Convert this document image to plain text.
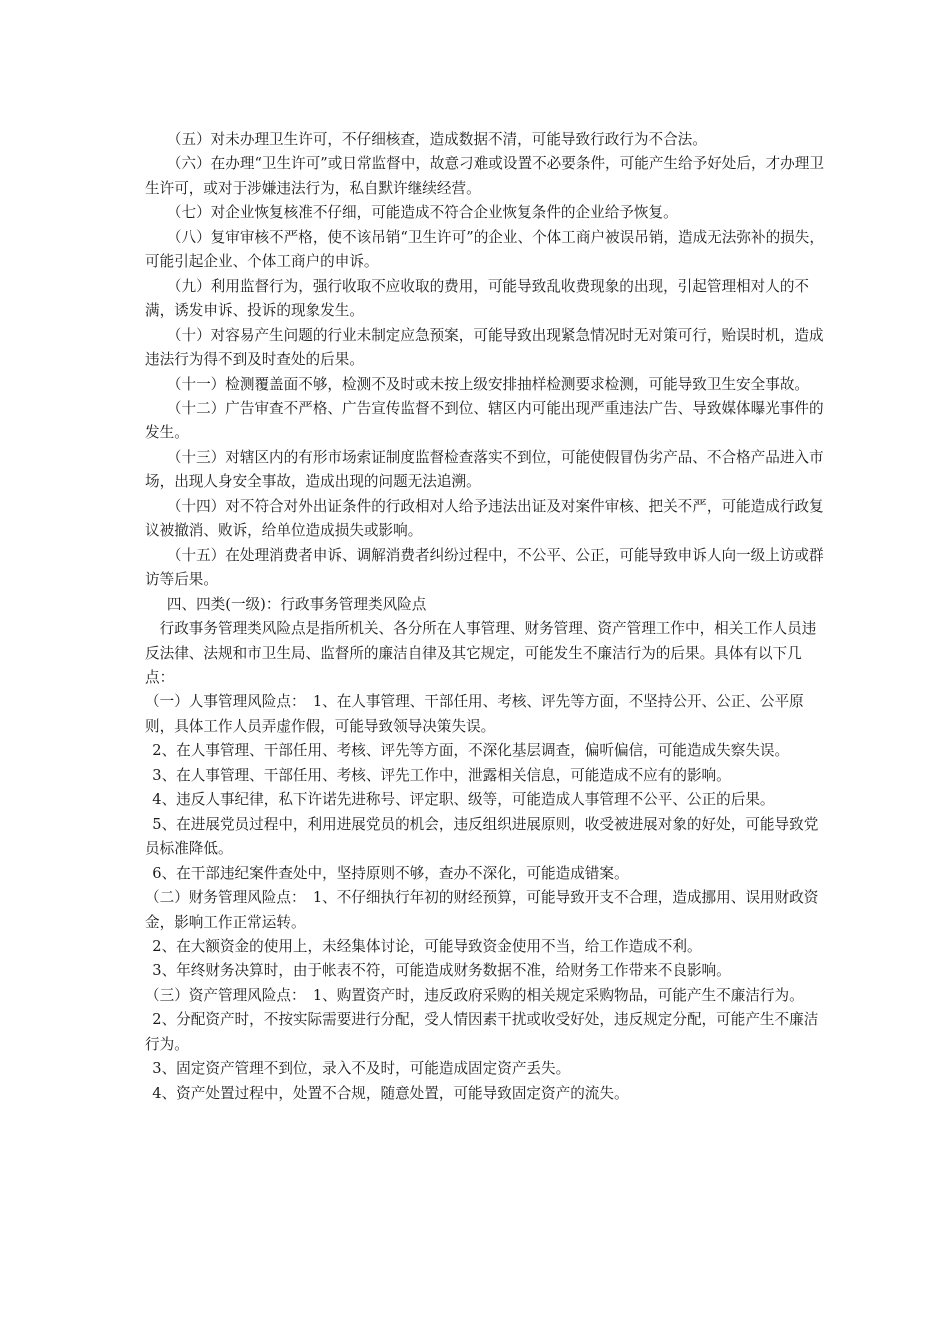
（五）对未办理卫生许可，不仔细核查，造成数据不清，可能导致行政行为不合法。

（六）在办理“卫生许可”或日常监督中，故意刁难或设置不必要条件，可能产生给予好处后，才办理卫生许可，或对于涉嫌违法行为，私自默许继续经营。

（七）对企业恢复核准不仔细，可能造成不符合企业恢复条件的企业给予恢复。

（八）复审审核不严格，使不该吊销“卫生许可”的企业、个体工商户被误吊销，造成无法弥补的损失，可能引起企业、个体工商户的申诉。

（九）利用监督行为，强行收取不应收取的费用，可能导致乱收费现象的出现，引起管理相对人的不满，诱发申诉、投诉的现象发生。

（十）对容易产生问题的行业未制定应急预案，可能导致出现紧急情况时无对策可行，贻误时机，造成违法行为得不到及时查处的后果。

（十一）检测覆盖面不够，检测不及时或未按上级安排抽样检测要求检测，可能导致卫生安全事故。

（十二）广告审查不严格、广告宣传监督不到位、辖区内可能出现严重违法广告、导致媒体曝光事件的发生。

（十三）对辖区内的有形市场索证制度监督检查落实不到位，可能使假冒伪劣产品、不合格产品进入市场，出现人身安全事故，造成出现的问题无法追溯。

（十四）对不符合对外出证条件的行政相对人给予违法出证及对案件审核、把关不严，可能造成行政复议被撤消、败诉，给单位造成损失或影响。

（十五）在处理消费者申诉、调解消费者纠纷过程中，不公平、公正，可能导致申诉人向一级上访或群访等后果。

四、四类(一级)：行政事务管理类风险点

行政事务管理类风险点是指所机关、各分所在人事管理、财务管理、资产管理工作中，相关工作人员违反法律、法规和市卫生局、监督所的廉洁自律及其它规定，可能发生不廉洁行为的后果。具体有以下几点：

（一）人事管理风险点：　1、在人事管理、干部任用、考核、评先等方面，不坚持公开、公正、公平原则，具体工作人员弄虚作假，可能导致领导决策失误。

2、在人事管理、干部任用、考核、评先等方面，不深化基层调查，偏听偏信，可能造成失察失误。

3、在人事管理、干部任用、考核、评先工作中，泄露相关信息，可能造成不应有的影响。

4、违反人事纪律，私下许诺先进称号、评定职、级等，可能造成人事管理不公平、公正的后果。

5、在进展党员过程中，利用进展党员的机会，违反组织进展原则，收受被进展对象的好处，可能导致党员标准降低。

6、在干部违纪案件查处中，坚持原则不够，查办不深化，可能造成错案。

（二）财务管理风险点：　1、不仔细执行年初的财经预算，可能导致开支不合理，造成挪用、误用财政资金，影响工作正常运转。

2、在大额资金的使用上，未经集体讨论，可能导致资金使用不当，给工作造成不利。

3、年终财务决算时，由于帐表不符，可能造成财务数据不准，给财务工作带来不良影响。

（三）资产管理风险点：　1、购置资产时，违反政府采购的相关规定采购物品，可能产生不廉洁行为。

2、分配资产时，不按实际需要进行分配，受人情因素干扰或收受好处，违反规定分配，可能产生不廉洁行为。

3、固定资产管理不到位，录入不及时，可能造成固定资产丢失。

4、资产处置过程中，处置不合规，随意处置，可能导致固定资产的流失。
